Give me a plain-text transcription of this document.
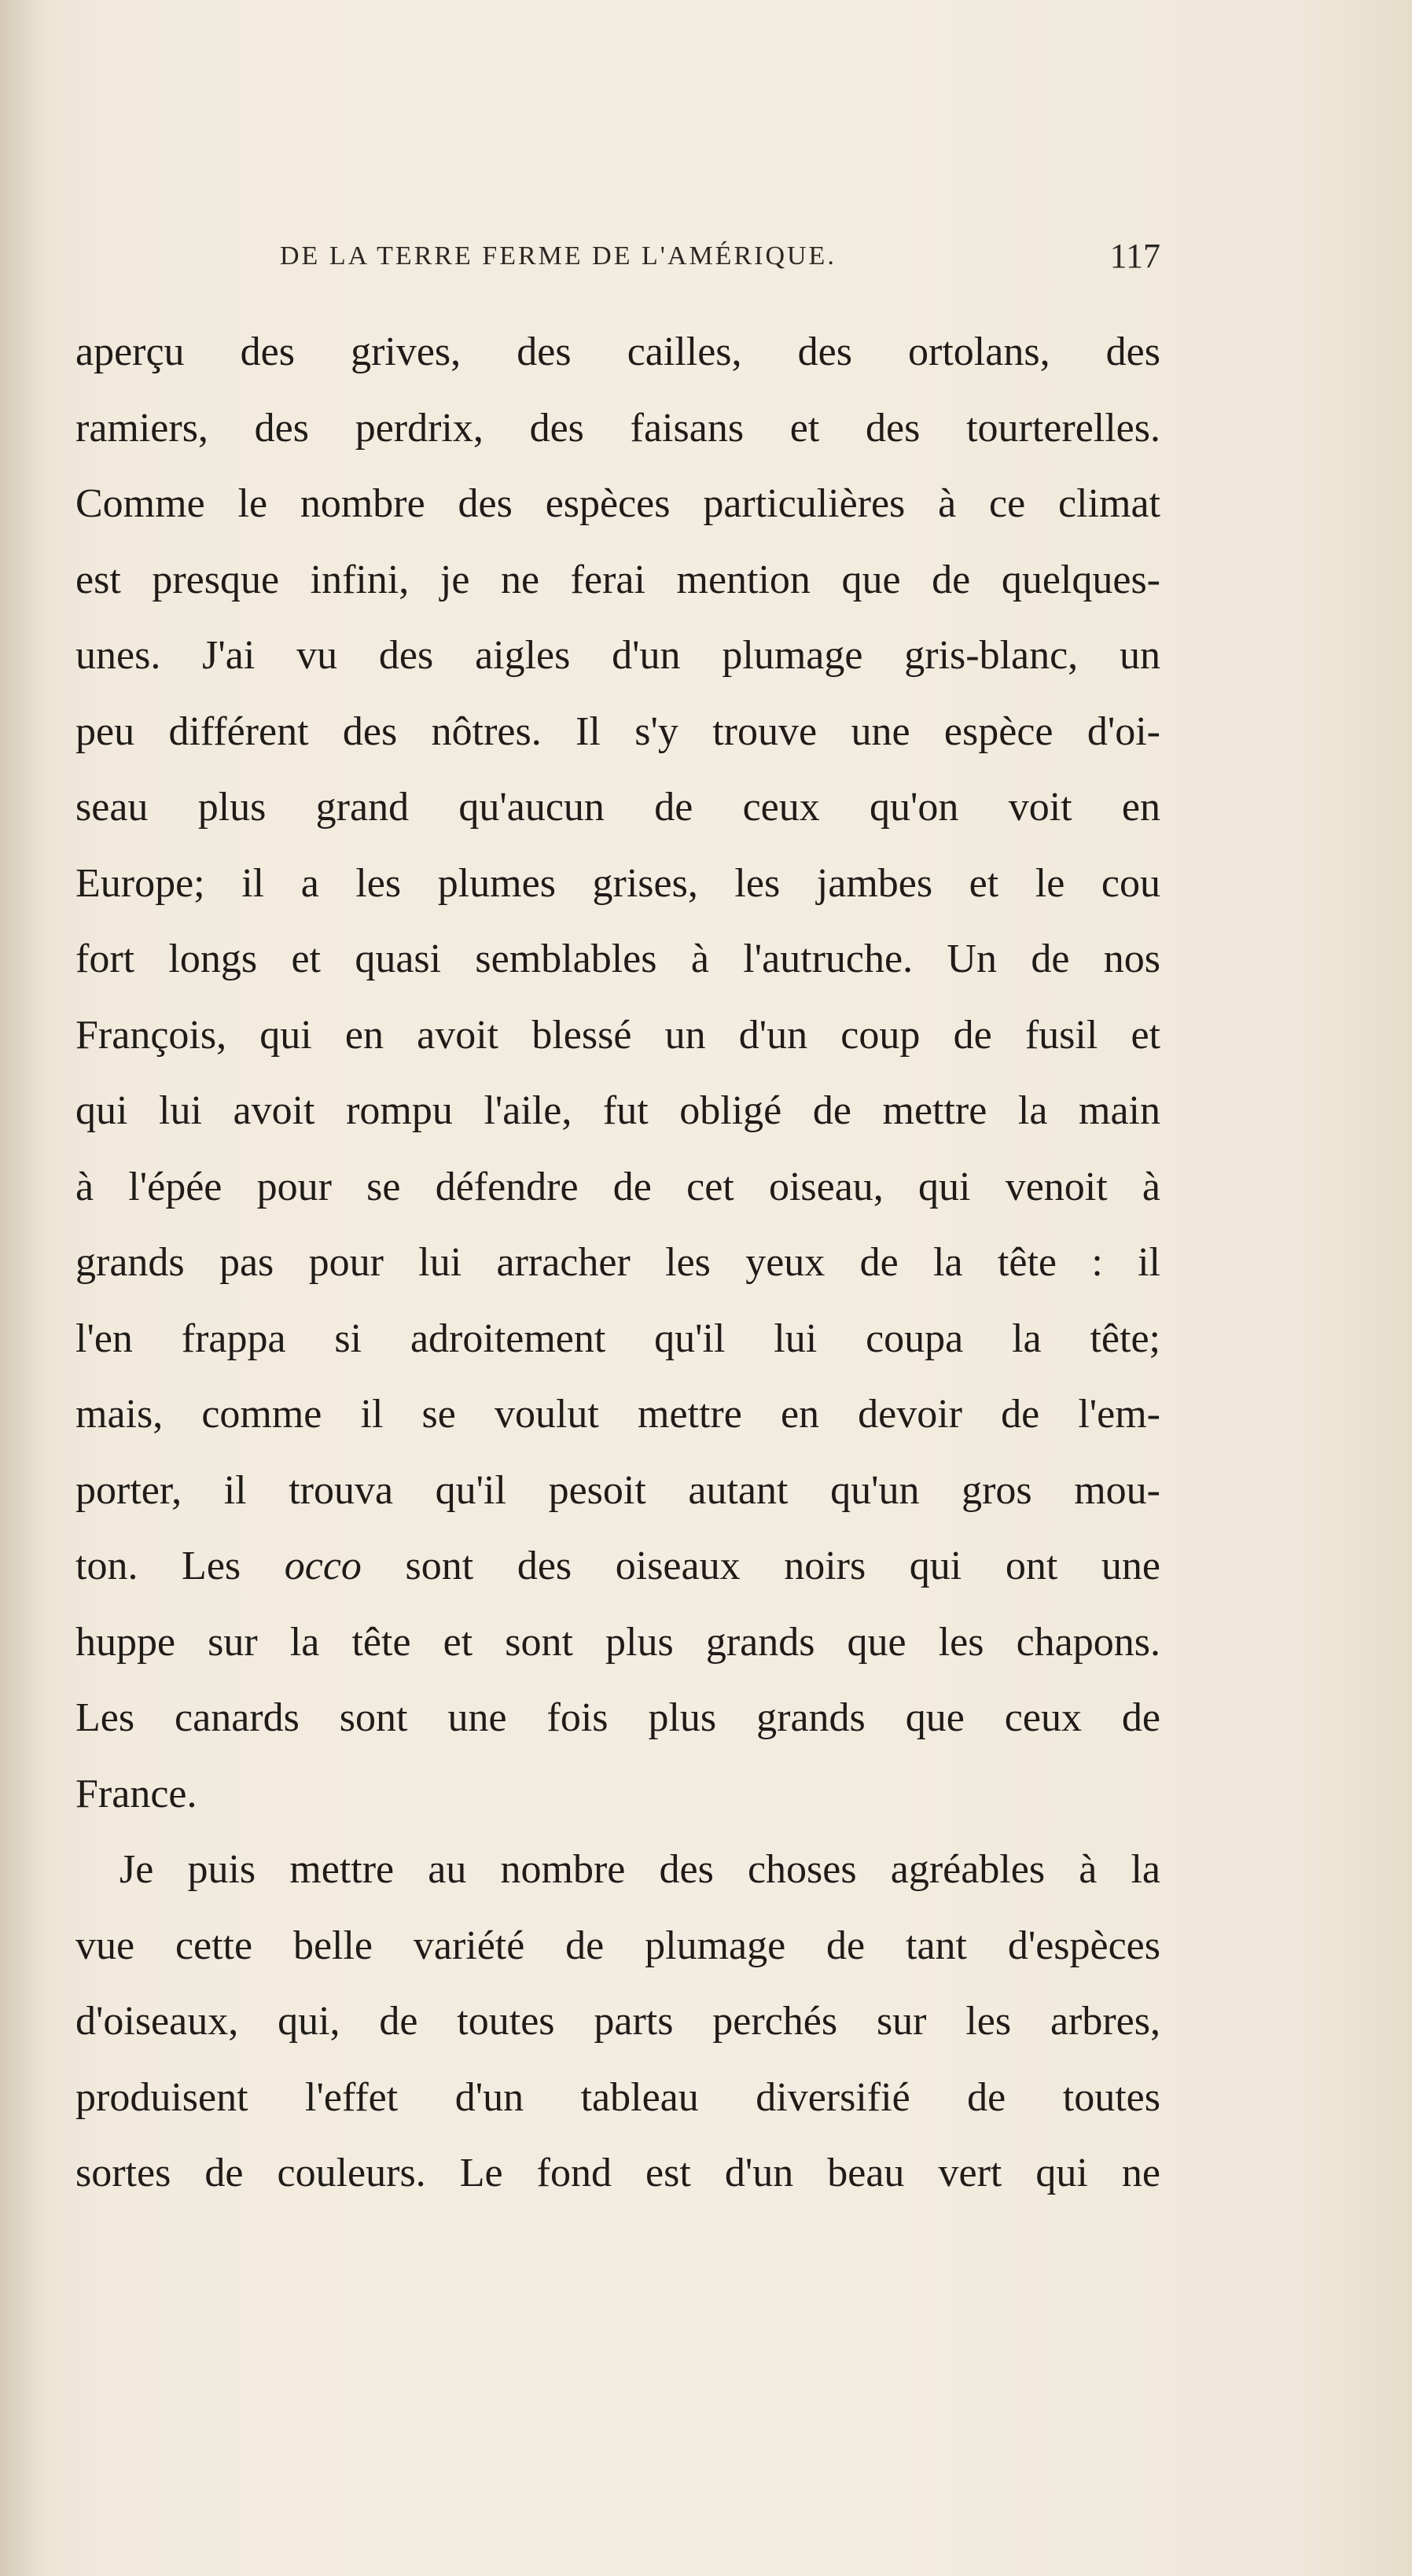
DE LA TERRE FERME DE L'AMÉRIQUE.	117
aperçu des grives, des cailles, des ortolans, des
ramiers, des perdrix, des faisans et des tourterelles.
Comme le nombre des espèces particulières à ce climat
est presque infini, je ne ferai mention que de quelques-
unes. J'ai vu des aigles d'un plumage gris-blanc, un
peu différent des nôtres. Il s'y trouve une espèce d'oi-
seau plus grand qu'aucun de ceux qu'on voit en
Europe; il a les plumes grises, les jambes et le cou
fort longs et quasi semblables à l'autruche. Un de nos
François, qui en avoit blessé un d'un coup de fusil et
qui lui avoit rompu l'aile, fut obligé de mettre la main
à l'épée pour se défendre de cet oiseau, qui venoit à
grands pas pour lui arracher les yeux de la tête : il
l'en frappa si adroitement qu'il lui coupa la tête;
mais, comme il se voulut mettre en devoir de l'em-
porter, il trouva qu'il pesoit autant qu'un gros mou-
ton. Les occo sont des oiseaux noirs qui ont une
huppe sur la tête et sont plus grands que les chapons.
Les canards sont une fois plus grands que ceux de
France.
Je puis mettre au nombre des choses agréables à la
vue cette belle variété de plumage de tant d'espèces
d'oiseaux, qui, de toutes parts perchés sur les arbres,
produisent l'effet d'un tableau diversifié de toutes
sortes de couleurs. Le fond est d'un beau vert qui ne
